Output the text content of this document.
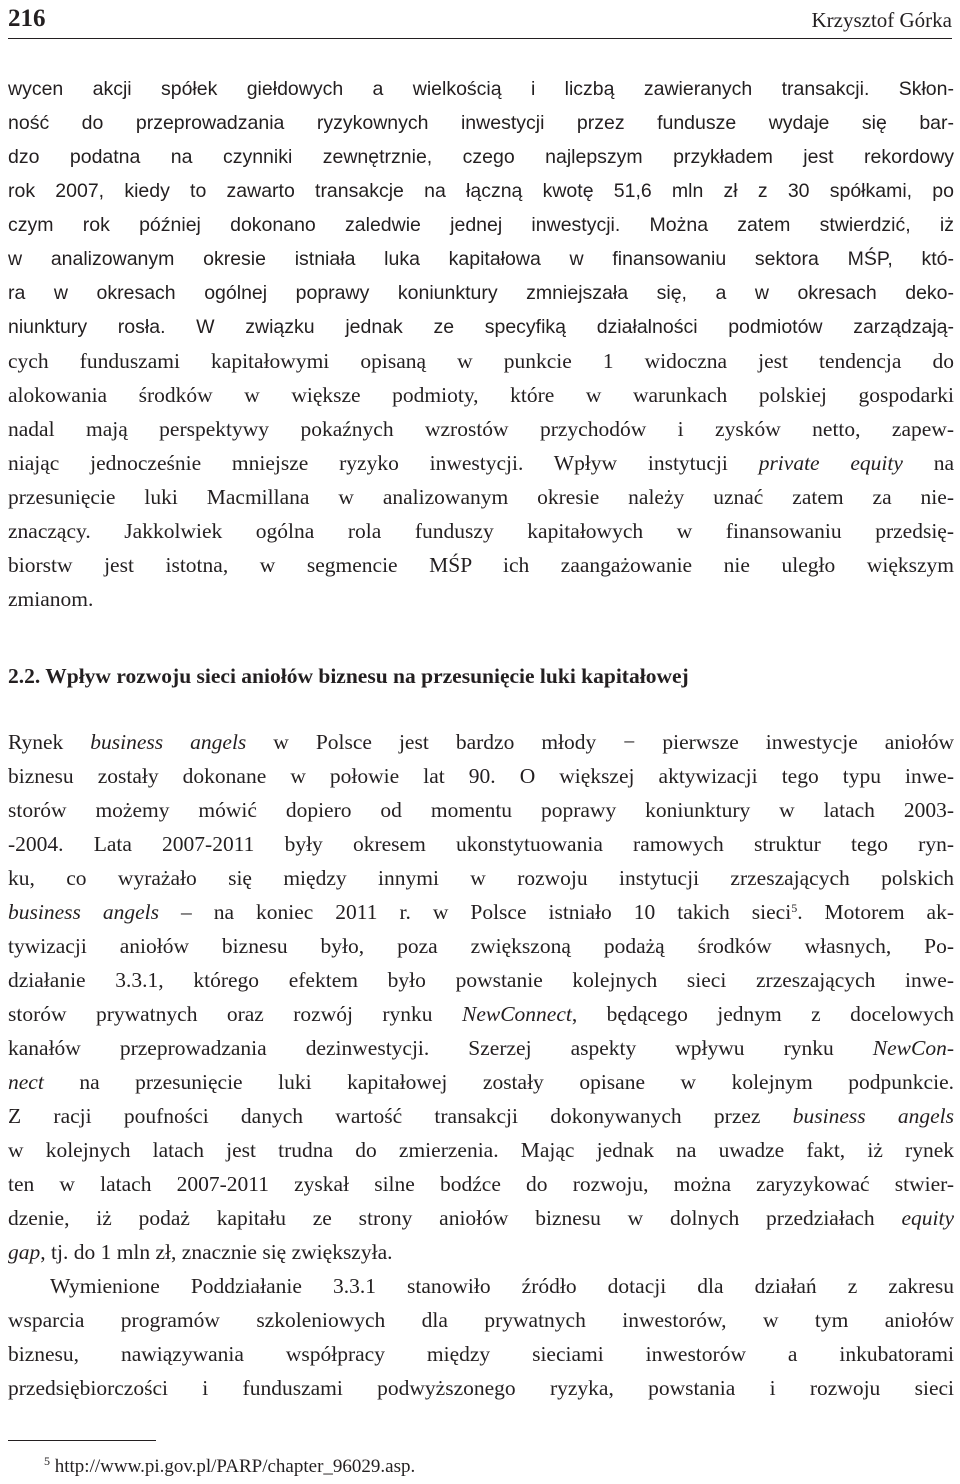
216	Krzysztof Górka
wycen akcji spółek giełdowych a wielkością i liczbą zawieranych transakcji. Skłon-
ność do przeprowadzania ryzykownych inwestycji przez fundusze wydaje się bar-
dzo podatna na czynniki zewnętrznie, czego najlepszym przykładem jest rekordowy
rok 2007, kiedy to zawarto transakcje na łączną kwotę 51,6 mln zł z 30 spółkami, po
czym rok później dokonano zaledwie jednej inwestycji. Można zatem stwierdzić, iż
w analizowanym okresie istniała luka kapitałowa w finansowaniu sektora MŚP, któ-
ra w okresach ogólnej poprawy koniunktury zmniejszała się, a w okresach deko-
niunktury rosła. W związku jednak ze specyfiką działalności podmiotów zarządzają-
cych funduszami kapitałowymi opisaną w punkcie 1 widoczna jest tendencja do
alokowania środków w większe podmioty, które w warunkach polskiej gospodarki
nadal mają perspektywy pokaźnych wzrostów przychodów i zysków netto, zapew-
niając jednocześnie mniejsze ryzyko inwestycji. Wpływ instytucji private equity na
przesunięcie luki Macmillana w analizowanym okresie należy uznać zatem za nie-
znaczący. Jakkolwiek ogólna rola funduszy kapitałowych w finansowaniu przedsię-
biorstw jest istotna, w segmencie MŚP ich zaangażowanie nie uległo większym
zmianom.
2.2. Wpływ rozwoju sieci aniołów biznesu na przesunięcie luki kapitałowej
Rynek business angels w Polsce jest bardzo młody − pierwsze inwestycje aniołów
biznesu zostały dokonane w połowie lat 90. O większej aktywizacji tego typu inwe-
storów możemy mówić dopiero od momentu poprawy koniunktury w latach 2003-
-2004. Lata 2007-2011 były okresem ukonstytuowania ramowych struktur tego ryn-
ku, co wyrażało się między innymi w rozwoju instytucji zrzeszających polskich
business angels – na koniec 2011 r. w Polsce istniało 10 takich sieci$^5$. Motorem ak-
tywizacji aniołów biznesu było, poza zwiększoną podażą środków własnych, Po-
działanie 3.3.1, którego efektem było powstanie kolejnych sieci zrzeszających inwe-
storów prywatnych oraz rozwój rynku NewConnect, będącego jednym z docelowych
kanałów przeprowadzania dezinwestycji. Szerzej aspekty wpływu rynku NewCon-
nect na przesunięcie luki kapitałowej zostały opisane w kolejnym podpunkcie.
Z racji poufności danych wartość transakcji dokonywanych przez business angels
w kolejnych latach jest trudna do zmierzenia. Mając jednak na uwadze fakt, iż rynek
ten w latach 2007-2011 zyskał silne bodźce do rozwoju, można zaryzykować stwier-
dzenie, iż podaż kapitału ze strony aniołów biznesu w dolnych przedziałach equity
gap, tj. do 1 mln zł, znacznie się zwiększyła.
Wymienione Poddziałanie 3.3.1 stanowiło źródło dotacji dla działań z zakresu
wsparcia programów szkoleniowych dla prywatnych inwestorów, w tym aniołów
biznesu, nawiązywania współpracy między sieciami inwestorów a inkubatorami
przedsiębiorczości i funduszami podwyższonego ryzyka, powstania i rozwoju sieci
$^5$ http://www.pi.gov.pl/PARP/chapter_96029.asp.
